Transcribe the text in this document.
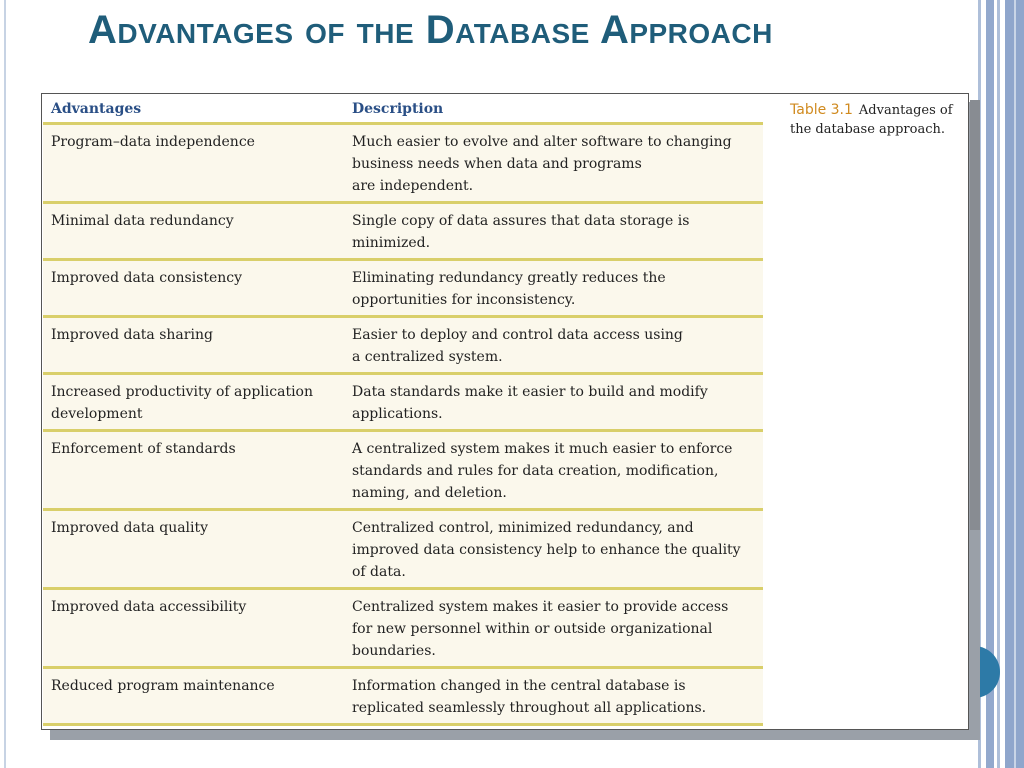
Advantages of the Database Approach
Advantages	Description
Program–data independence	Much easier to evolve and alter software to changing
business needs when data and programs
are independent.
Minimal data redundancy	Single copy of data assures that data storage is
minimized.
Improved data consistency	Eliminating redundancy greatly reduces the
opportunities for inconsistency.
Improved data sharing	Easier to deploy and control data access using
a centralized system.
Increased productivity of application
development	Data standards make it easier to build and modify
applications.
Enforcement of standards	A centralized system makes it much easier to enforce
standards and rules for data creation, modification,
naming, and deletion.
Improved data quality	Centralized control, minimized redundancy, and
improved data consistency help to enhance the quality
of data.
Improved data accessibility	Centralized system makes it easier to provide access
for new personnel within or outside organizational
boundaries.
Reduced program maintenance	Information changed in the central database is
replicated seamlessly throughout all applications.
Table 3.1 Advantages of the database approach.
